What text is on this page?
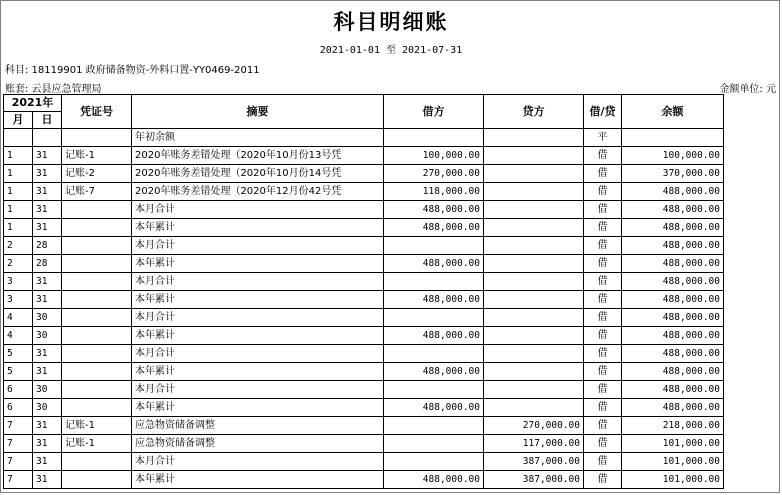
科目明细账
2021-01-01 至 2021-07-31
科目: 18119901 政府储备物资-外料口置-YY0469-2011
账套: 云县应急管理局	金额单位: 元
2021年		凭证号	摘要	借方	贷方	借/贷	余额
月	日						
			年初余额			平	
1	31	记账-1	2020年账务差错处理（2020年10月份13号凭	100,000.00		借	100,000.00
1	31	记账-2	2020年账务差错处理（2020年10月份14号凭	270,000.00		借	370,000.00
1	31	记账-7	2020年账务差错处理（2020年12月份42号凭	118,000.00		借	488,000.00
1	31		本月合计	488,000.00		借	488,000.00
1	31		本年累计	488,000.00		借	488,000.00
2	28		本月合计			借	488,000.00
2	28		本年累计	488,000.00		借	488,000.00
3	31		本月合计			借	488,000.00
3	31		本年累计	488,000.00		借	488,000.00
4	30		本月合计			借	488,000.00
4	30		本年累计	488,000.00		借	488,000.00
5	31		本月合计			借	488,000.00
5	31		本年累计	488,000.00		借	488,000.00
6	30		本月合计			借	488,000.00
6	30		本年累计	488,000.00		借	488,000.00
7	31	记账-1	应急物资储备调整		270,000.00	借	218,000.00
7	31	记账-1	应急物资储备调整		117,000.00	借	101,000.00
7	31		本月合计		387,000.00	借	101,000.00
7	31		本年累计	488,000.00	387,000.00	借	101,000.00
